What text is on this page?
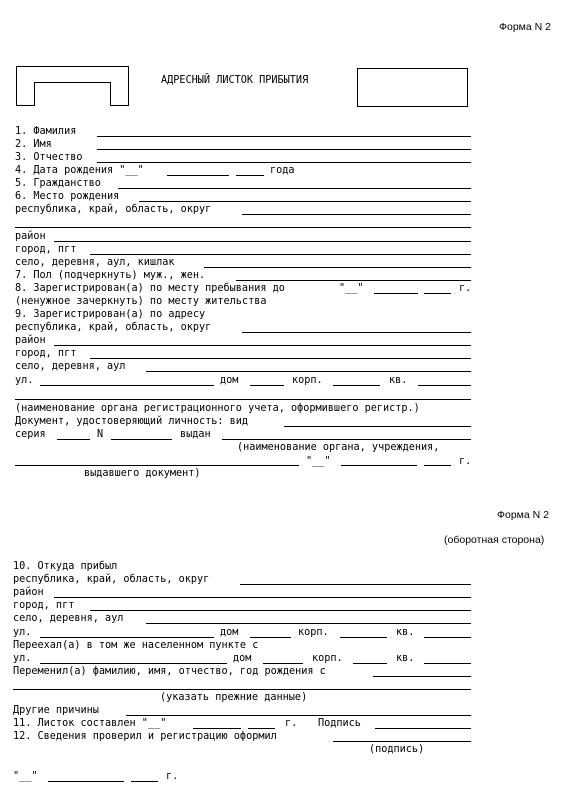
Форма N 2
АДРЕСНЫЙ ЛИСТОК ПРИБЫТИЯ
1. Фамилия
2. Имя
3. Отчество
4. Дата рождения "__"	года
5. Гражданство
6. Место рождения
республика, край, область, округ
район
город, пгт
село, деревня, аул, кишлак
7. Пол (подчеркнуть) муж., жен.
8. Зарегистрирован(а) по месту пребывания до	"__"	г.
(ненужное зачеркнуть) по месту жительства
9. Зарегистрирован(а) по адресу
республика, край, область, округ
район
город, пгт
село, деревня, аул
ул.	дом	корп.	кв.
(наименование органа регистрационного учета, оформившего регистр.)
Документ, удостоверяющий личность: вид
серия	N	выдан
(наименование органа, учреждения,
"__"	г.
выдавшего документ)
Форма N 2
(оборотная сторона)
10. Откуда прибыл
республика, край, область, округ
район
город, пгт
село, деревня, аул
ул.	дом	корп.	кв.
Переехал(а) в том же населенном пункте с
ул.	дом	корп.	кв.
Переменил(а) фамилию, имя, отчество, год рождения с
(указать прежние данные)
Другие причины
11. Листок составлен "__"	г. Подпись
12. Сведения проверил и регистрацию оформил
(подпись)
"__"	г.
